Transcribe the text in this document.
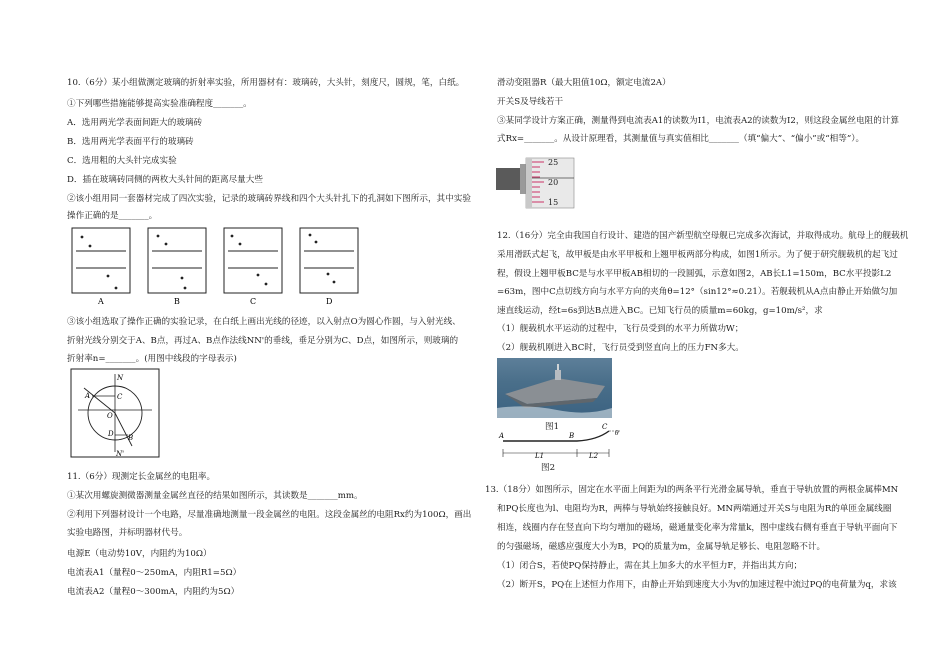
10.（6分）某小组做测定玻璃的折射率实验，所用器材有：玻璃砖，大头针，刻度尺，圆规，笔，白纸。
①下列哪些措施能够提高实验准确程度_______。
A．选用两光学表面间距大的玻璃砖
B．选用两光学表面平行的玻璃砖
C．选用粗的大头针完成实验
D．插在玻璃砖同侧的两枚大头针间的距离尽量大些
②该小组用同一套器材完成了四次实验，记录的玻璃砖界线和四个大头针扎下的孔洞如下图所示，其中实验
操作正确的是_______。
A	B	C	D
③该小组选取了操作正确的实验记录，在白纸上画出光线的径迹，以入射点O为圆心作圆，与入射光线、
折射光线分别交于A、B点，再过A、B点作法线NN'的垂线，垂足分别为C、D点，如图所示，则玻璃的
折射率n=_______。(用图中线段的字母表示)
N
N'
A	C
O
D B
11.（6分）现测定长金属丝的电阻率。
①某次用螺旋测微器测量金属丝直径的结果如图所示，其读数是_______mm。
②利用下列器材设计一个电路，尽量准确地测量一段金属丝的电阻。这段金属丝的电阻Rx约为100Ω，画出
实验电路图，并标明器材代号。
电源E（电动势10V，内阻约为10Ω）
电流表A1（量程0～250mA，内阻R1=5Ω）
电流表A2（量程0～300mA，内阻约为5Ω）
滑动变阻器R（最大阻值10Ω，额定电流2A）
开关S及导线若干
③某同学设计方案正确，测量得到电流表A1的读数为I1，电流表A2的读数为I2，则这段金属丝电阻的计算
式Rx=_______。从设计原理看，其测量值与真实值相比_______（填“偏大”、“偏小”或“相等”）。
25
20
15
12.（16分）完全由我国自行设计、建造的国产新型航空母舰已完成多次海试，并取得成功。航母上的舰载机
采用滑跃式起飞，故甲板是由水平甲板和上翘甲板两部分构成，如图1所示。为了便于研究舰载机的起飞过
程，假设上翘甲板BC是与水平甲板AB相切的一段圆弧，示意如图2，AB长L1=150m，BC水平投影L2
=63m，图中C点切线方向与水平方向的夹角θ=12°（sin12°≈0.21）。若舰载机从A点由静止开始做匀加
速直线运动，经t=6s到达B点进入BC。已知飞行员的质量m=60kg，g=10m/s²，求
（1）舰载机水平运动的过程中，飞行员受到的水平力所做功W；
（2）舰载机刚进入BC时，飞行员受到竖直向上的压力FN多大。
图1
A	B
C
θ
L1	L2
图2
13.（18分）如图所示，固定在水平面上间距为l的两条平行光滑金属导轨，垂直于导轨放置的两根金属棒MN
和PQ长度也为l、电阻均为R，两棒与导轨始终接触良好。MN两端通过开关S与电阻为R的单匝金属线圈
相连，线圈内存在竖直向下均匀增加的磁场，磁通量变化率为常量k，图中虚线右侧有垂直于导轨平面向下
的匀强磁场，磁感应强度大小为B，PQ的质量为m，金属导轨足够长、电阻忽略不计。
（1）闭合S，若使PQ保持静止，需在其上加多大的水平恒力F，并指出其方向；
（2）断开S，PQ在上述恒力作用下，由静止开始到速度大小为v的加速过程中流过PQ的电荷量为q，求该
